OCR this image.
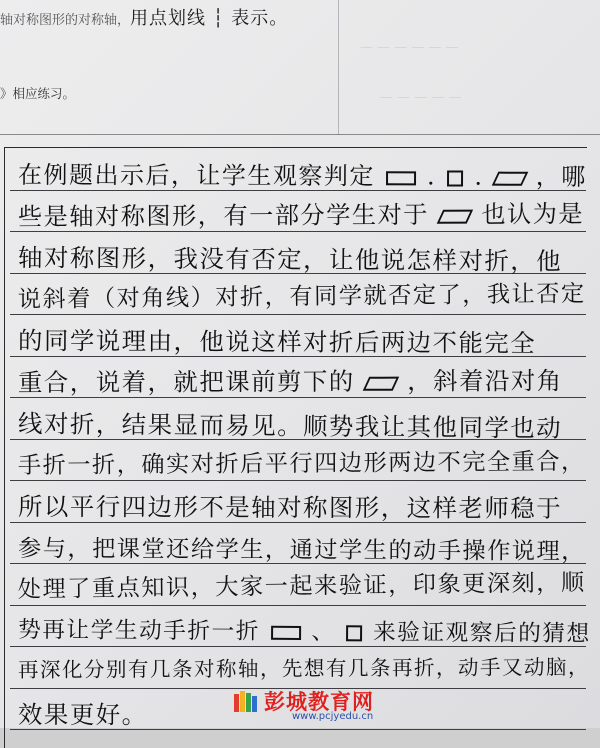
轴对称图形的对称轴，用点划线 ┆ 表示。
》相应练习。
— — — — — —
— — — — —
在例题出示后，让学生观察判定  .  .  ，哪
些是轴对称图形，有一部分学生对于  也认为是
轴对称图形，我没有否定，让他说怎样对折，他
说斜着（对角线）对折，有同学就否定了，我让否定
的同学说理由，他说这样对折后两边不能完全
重合，说着，就把课前剪下的  ，斜着沿对角
线对折，结果显而易见。顺势我让其他同学也动
手折一折，确实对折后平行四边形两边不完全重合，
所以平行四边形不是轴对称图形，这样老师稳于
参与，把课堂还给学生，通过学生的动手操作说理，
处理了重点知识，大家一起来验证，印象更深刻，顺
势再让学生动手折一折  、  来验证观察后的猜想
再深化分别有几条对称轴，先想有几条再折，动手又动脑，
效果更好。	彭城教育网
www.pcjyedu.cn
